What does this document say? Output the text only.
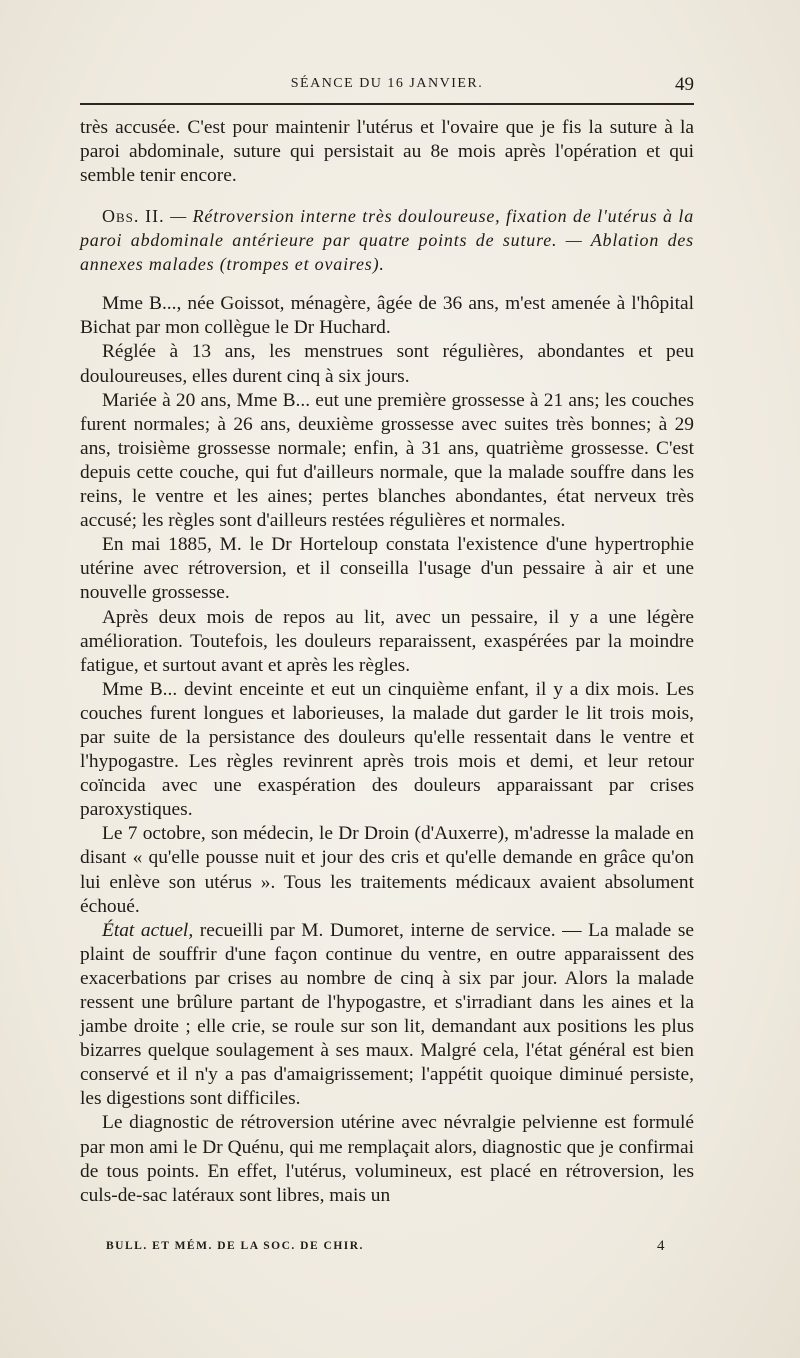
SÉANCE DU 16 JANVIER.	49

très accusée. C'est pour maintenir l'utérus et l'ovaire que je fis la suture à la paroi abdominale, suture qui persistait au 8e mois après l'opération et qui semble tenir encore.

Obs. II. — Rétroversion interne très douloureuse, fixation de l'utérus à la paroi abdominale antérieure par quatre points de suture. — Ablation des annexes malades (trompes et ovaires).

Mme B..., née Goissot, ménagère, âgée de 36 ans, m'est amenée à l'hôpital Bichat par mon collègue le Dr Huchard.

Réglée à 13 ans, les menstrues sont régulières, abondantes et peu douloureuses, elles durent cinq à six jours.

Mariée à 20 ans, Mme B... eut une première grossesse à 21 ans; les couches furent normales; à 26 ans, deuxième grossesse avec suites très bonnes; à 29 ans, troisième grossesse normale; enfin, à 31 ans, quatrième grossesse. C'est depuis cette couche, qui fut d'ailleurs normale, que la malade souffre dans les reins, le ventre et les aines; pertes blanches abondantes, état nerveux très accusé; les règles sont d'ailleurs restées régulières et normales.

En mai 1885, M. le Dr Horteloup constata l'existence d'une hypertrophie utérine avec rétroversion, et il conseilla l'usage d'un pessaire à air et une nouvelle grossesse.

Après deux mois de repos au lit, avec un pessaire, il y a une légère amélioration. Toutefois, les douleurs reparaissent, exaspérées par la moindre fatigue, et surtout avant et après les règles.

Mme B... devint enceinte et eut un cinquième enfant, il y a dix mois. Les couches furent longues et laborieuses, la malade dut garder le lit trois mois, par suite de la persistance des douleurs qu'elle ressentait dans le ventre et l'hypogastre. Les règles revinrent après trois mois et demi, et leur retour coïncida avec une exaspération des douleurs apparaissant par crises paroxystiques.

Le 7 octobre, son médecin, le Dr Droin (d'Auxerre), m'adresse la malade en disant « qu'elle pousse nuit et jour des cris et qu'elle demande en grâce qu'on lui enlève son utérus ». Tous les traitements médicaux avaient absolument échoué.

État actuel, recueilli par M. Dumoret, interne de service. — La malade se plaint de souffrir d'une façon continue du ventre, en outre apparaissent des exacerbations par crises au nombre de cinq à six par jour. Alors la malade ressent une brûlure partant de l'hypogastre, et s'irradiant dans les aines et la jambe droite ; elle crie, se roule sur son lit, demandant aux positions les plus bizarres quelque soulagement à ses maux. Malgré cela, l'état général est bien conservé et il n'y a pas d'amaigrissement; l'appétit quoique diminué persiste, les digestions sont difficiles.

Le diagnostic de rétroversion utérine avec névralgie pelvienne est formulé par mon ami le Dr Quénu, qui me remplaçait alors, diagnostic que je confirmai de tous points. En effet, l'utérus, volumineux, est placé en rétroversion, les culs-de-sac latéraux sont libres, mais un

BULL. ET MÉM. DE LA SOC. DE CHIR.	4
